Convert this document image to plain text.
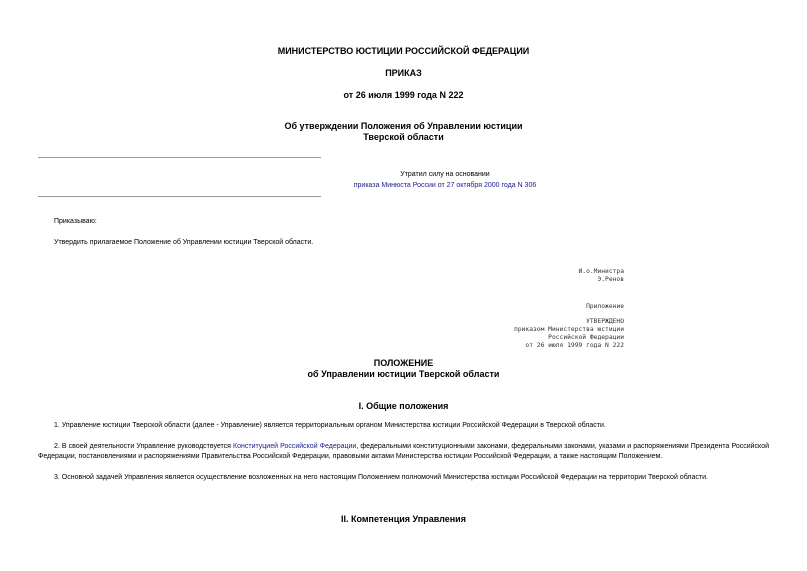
МИНИСТЕРСТВО ЮСТИЦИИ РОССИЙСКОЙ ФЕДЕРАЦИИ
ПРИКАЗ
от 26 июля 1999 года N 222
Об утверждении Положения об Управлении юстиции
Тверской области
Утратил силу на основании
приказа Минюста России от 27 октября 2000 года N 306
Приказываю:
Утвердить прилагаемое Положение об Управлении юстиции Тверской области.
И.о.Министра
Э.Ренов
Приложение
УТВЕРЖДЕНО
приказом Министерства юстиции
Российской Федерации
от 26 июля 1999 года N 222
ПОЛОЖЕНИЕ
об Управлении юстиции Тверской области
I. Общие положения
1. Управление юстиции Тверской области (далее - Управление) является территориальным органом Министерства юстиции Российской Федерации в Тверской области.
2. В своей деятельности Управление руководствуется Конституцией Российской Федерации, федеральными конституционными законами, федеральными законами, указами и распоряжениями Президента Российской Федерации, постановлениями и распоряжениями Правительства Российской Федерации, правовыми актами Министерства юстиции Российской Федерации, а также настоящим Положением.
3. Основной задачей Управления является осуществление возложенных на него настоящим Положением полномочий Министерства юстиции Российской Федерации на территории Тверской области.
II. Компетенция Управления
